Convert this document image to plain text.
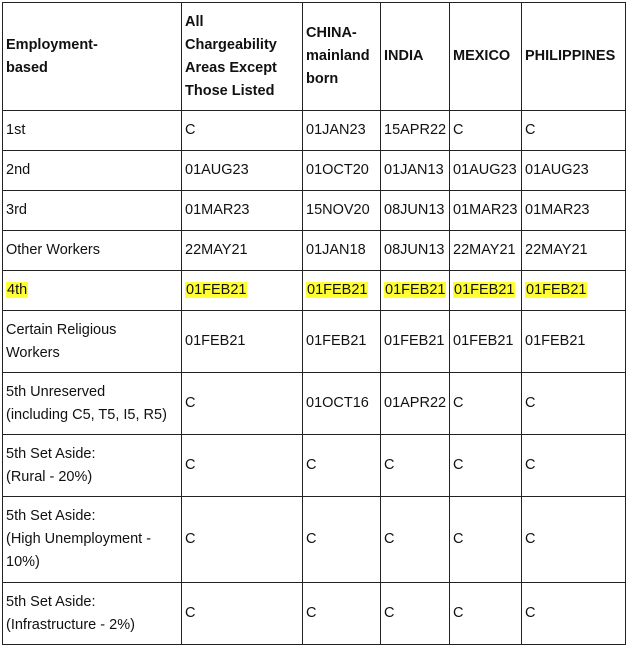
Employment-
based	All
Chargeability
Areas Except
Those Listed	CHINA-
mainland
born	INDIA	MEXICO	PHILIPPINES
1st	C	01JAN23	15APR22	C	C
2nd	01AUG23	01OCT20	01JAN13	01AUG23	01AUG23
3rd	01MAR23	15NOV20	08JUN13	01MAR23	01MAR23
Other Workers	22MAY21	01JAN18	08JUN13	22MAY21	22MAY21
4th	01FEB21	01FEB21	01FEB21	01FEB21	01FEB21

Certain Religious
Workers	01FEB21	01FEB21	01FEB21	01FEB21	01FEB21

5th Unreserved
(including C5, T5, I5, R5)	C	01OCT16	01APR22	C	C

5th Set Aside:
(Rural - 20%)	C	C	C	C	C

5th Set Aside:
(High Unemployment -
10%)	C	C	C	C	C

5th Set Aside:
(Infrastructure - 2%)	C	C	C	C	C
